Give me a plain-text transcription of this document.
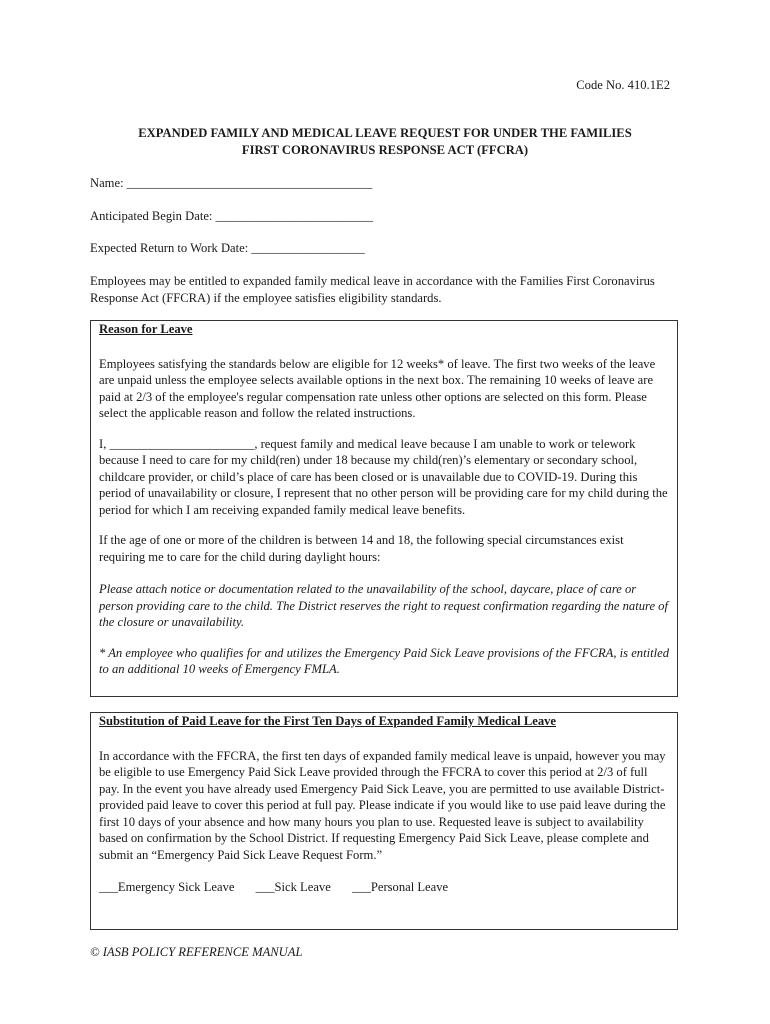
Code No. 410.1E2
EXPANDED FAMILY AND MEDICAL LEAVE REQUEST FOR UNDER THE FAMILIES
FIRST CORONAVIRUS RESPONSE ACT (FFCRA)
Name: _______________________________________
Anticipated Begin Date: _________________________
Expected Return to Work Date: __________________
Employees may be entitled to expanded family medical leave in accordance with the Families First Coronavirus Response Act (FFCRA) if the employee satisfies eligibility standards.

Reason for Leave

Employees satisfying the standards below are eligible for 12 weeks* of leave. The first two weeks of the leave are unpaid unless the employee selects available options in the next box. The remaining 10 weeks of leave are paid at 2/3 of the employee's regular compensation rate unless other options are selected on this form. Please select the applicable reason and follow the related instructions.

I, _______________________, request family and medical leave because I am unable to work or telework because I need to care for my child(ren) under 18 because my child(ren)’s elementary or secondary school, childcare provider, or child’s place of care has been closed or is unavailable due to COVID-19. During this period of unavailability or closure, I represent that no other person will be providing care for my child during the period for which I am receiving expanded family medical leave benefits.

If the age of one or more of the children is between 14 and 18, the following special circumstances exist requiring me to care for the child during daylight hours:

Please attach notice or documentation related to the unavailability of the school, daycare, place of care or person providing care to the child. The District reserves the right to request confirmation regarding the nature of the closure or unavailability.

* An employee who qualifies for and utilizes the Emergency Paid Sick Leave provisions of the FFCRA, is entitled to an additional 10 weeks of Emergency FMLA.

Substitution of Paid Leave for the First Ten Days of Expanded Family Medical Leave

In accordance with the FFCRA, the first ten days of expanded family medical leave is unpaid, however you may be eligible to use Emergency Paid Sick Leave provided through the FFCRA to cover this period at 2/3 of full pay. In the event you have already used Emergency Paid Sick Leave, you are permitted to use available District-provided paid leave to cover this period at full pay. Please indicate if you would like to use paid leave during the first 10 days of your absence and how many hours you plan to use. Requested leave is subject to availability based on confirmation by the School District. If requesting Emergency Paid Sick Leave, please complete and submit an “Emergency Paid Sick Leave Request Form.”

___Emergency Sick Leave ___Sick Leave ___Personal Leave

© IASB POLICY REFERENCE MANUAL
